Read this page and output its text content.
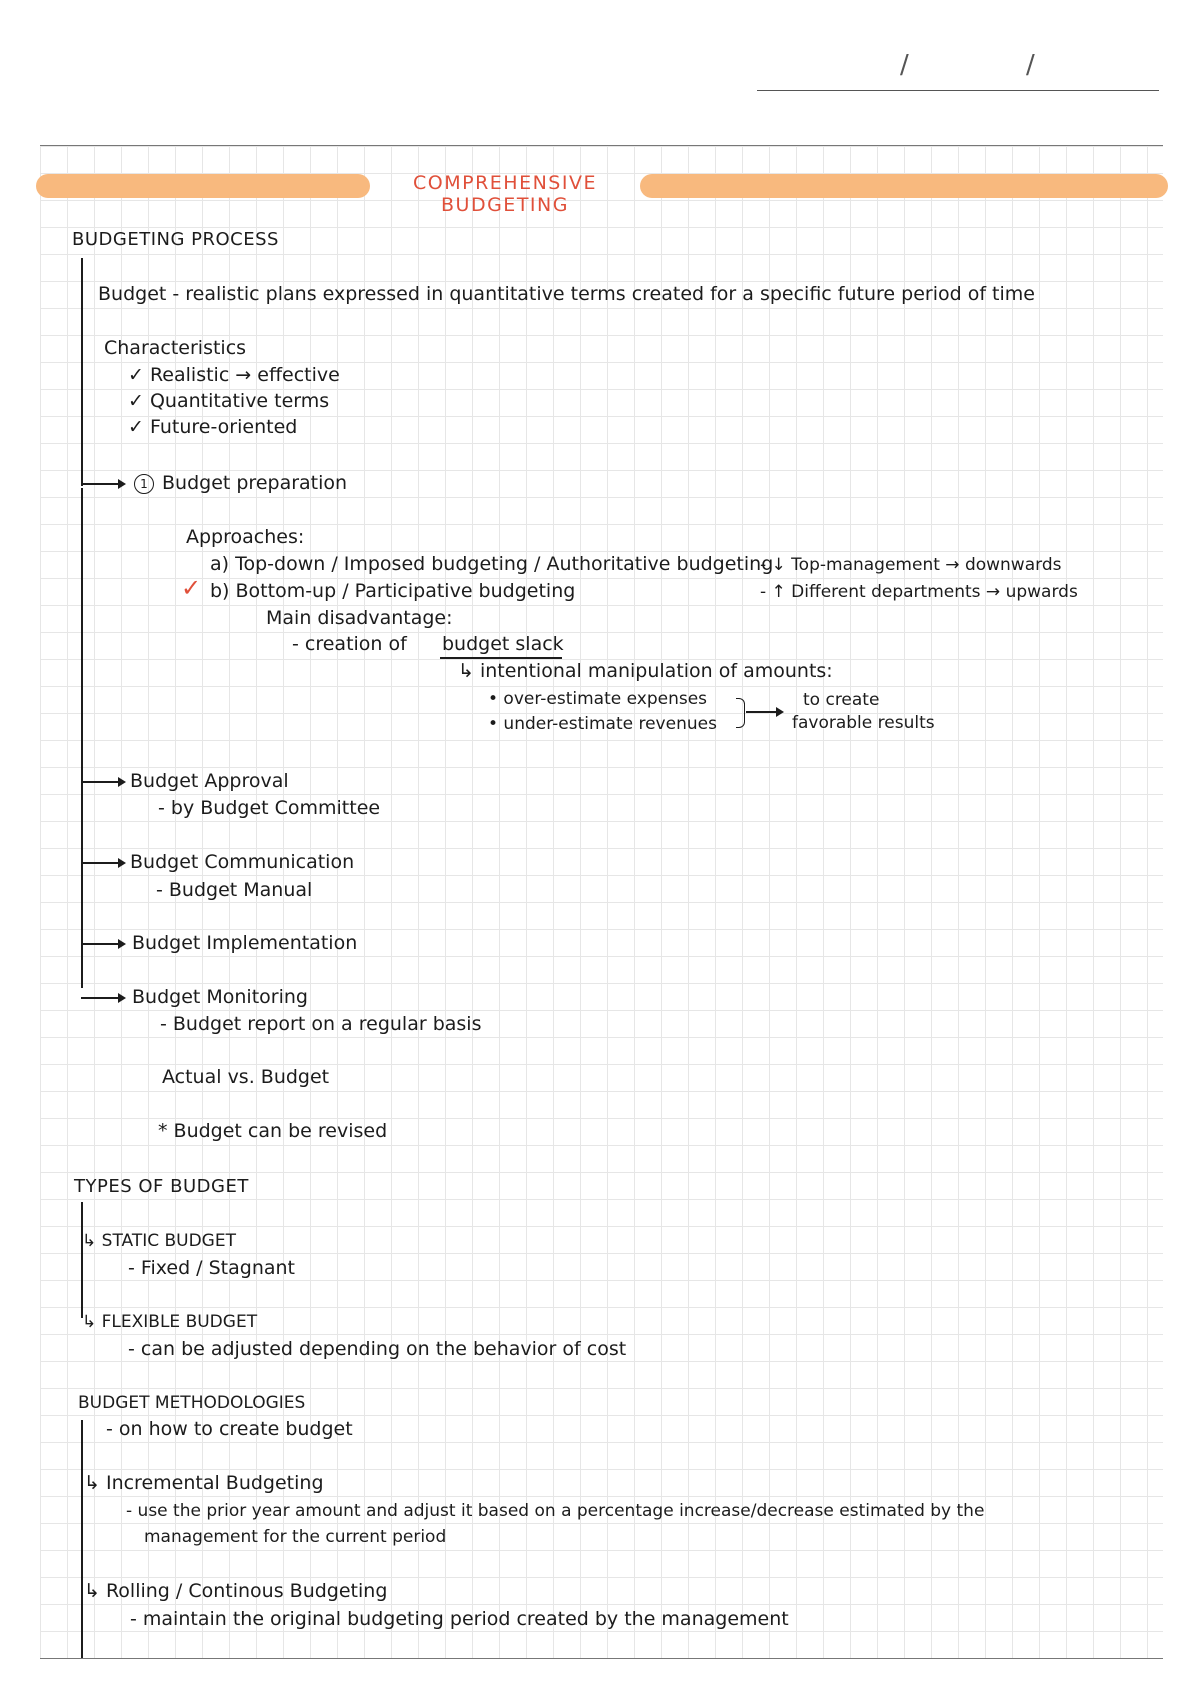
/	/
COMPREHENSIVE BUDGETING
BUDGETING PROCESS
Budget - realistic plans expressed in quantitative terms created for a specific future period of time
Characteristics
✓ Realistic → effective
✓ Quantitative terms
✓ Future-oriented
1 Budget preparation
Approaches:
a) Top-down / Imposed budgeting / Authoritative budgeting
- ↓ Top-management → downwards
✓ b) Bottom-up / Participative budgeting	- ↑ Different departments → upwards
Main disadvantage:
- creation of budget slack
↳ intentional manipulation of amounts:
• over-estimate expenses
• under-estimate revenues
to create
favorable results
Budget Approval
- by Budget Committee
Budget Communication
- Budget Manual
Budget Implementation
Budget Monitoring
- Budget report on a regular basis
Actual vs. Budget
* Budget can be revised
TYPES OF BUDGET
↳ STATIC BUDGET
- Fixed / Stagnant
↳ FLEXIBLE BUDGET
- can be adjusted depending on the behavior of cost
BUDGET METHODOLOGIES
- on how to create budget
↳ Incremental Budgeting
- use the prior year amount and adjust it based on a percentage increase/decrease estimated by the
management for the current period
↳ Rolling / Continous Budgeting
- maintain the original budgeting period created by the management
